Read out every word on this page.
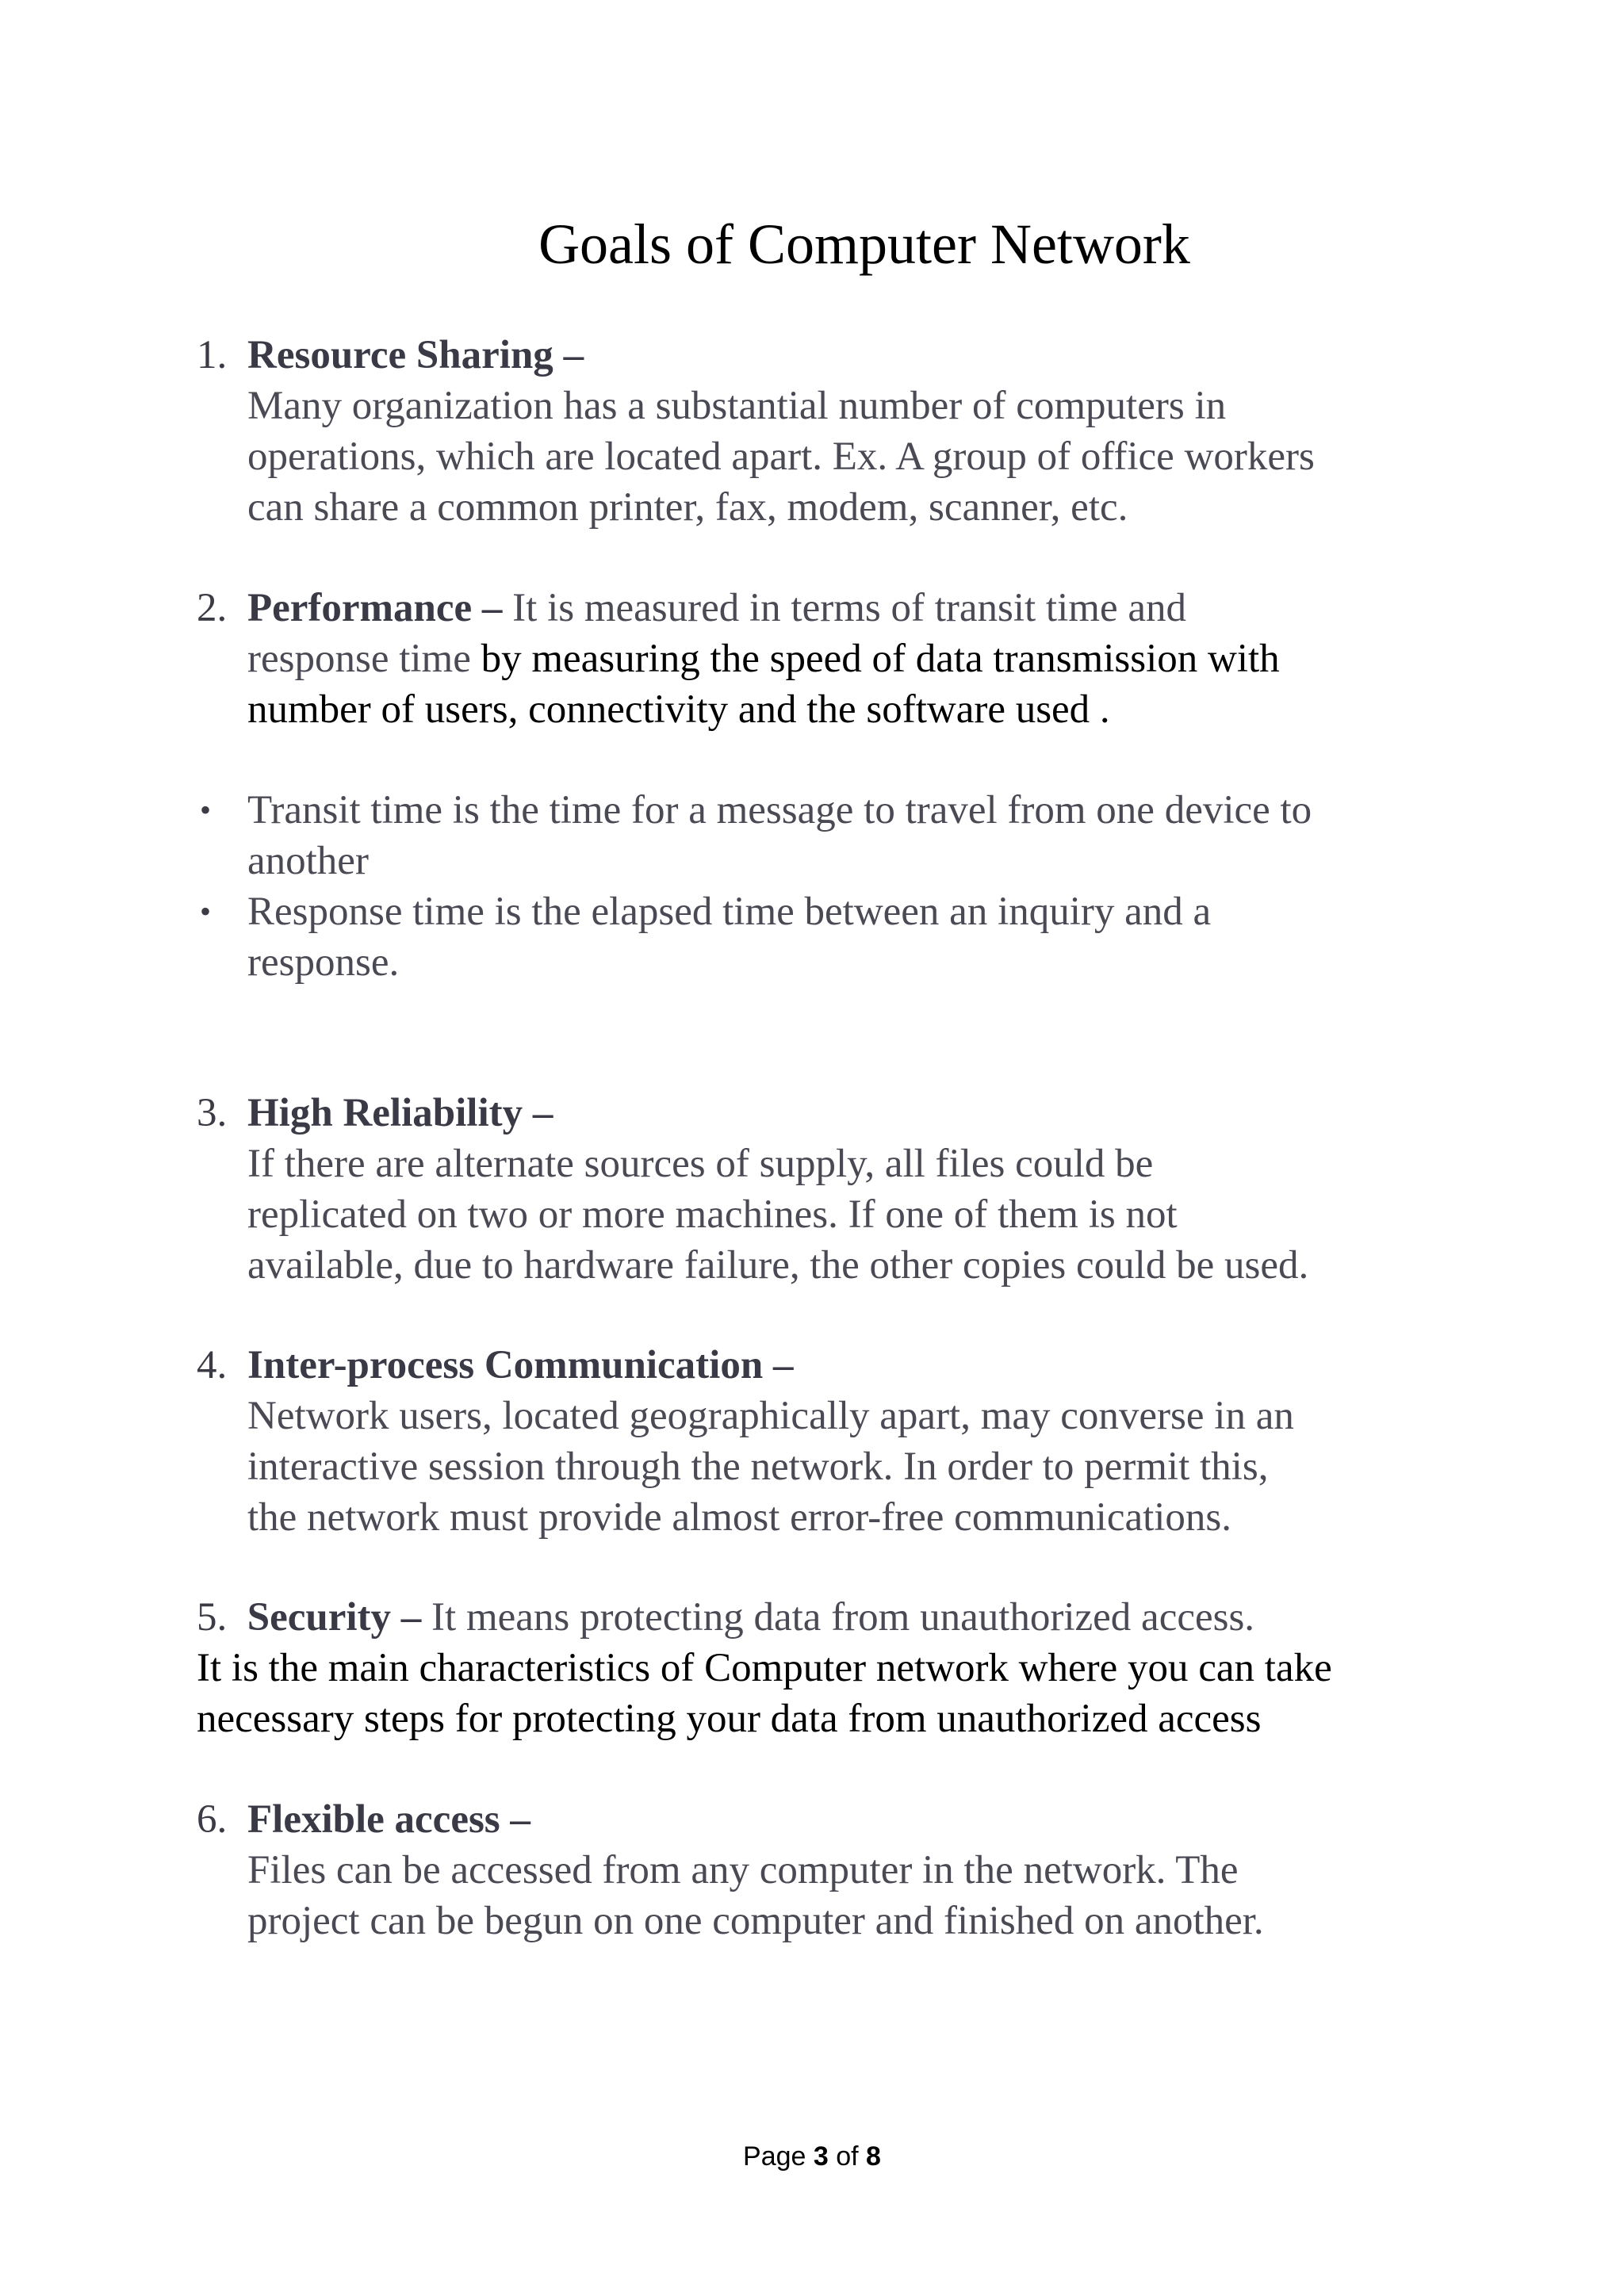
Goals of Computer Network
1. Resource Sharing –
Many organization has a substantial number of computers in
operations, which are located apart. Ex. A group of office workers
can share a common printer, fax, modem, scanner, etc.
2. Performance – It is measured in terms of transit time and
response time by measuring the speed of data transmission with
number of users, connectivity and the software used .
• Transit time is the time for a message to travel from one device to
another
• Response time is the elapsed time between an inquiry and a
response.
3. High Reliability –
If there are alternate sources of supply, all files could be
replicated on two or more machines. If one of them is not
available, due to hardware failure, the other copies could be used.
4. Inter-process Communication –
Network users, located geographically apart, may converse in an
interactive session through the network. In order to permit this,
the network must provide almost error-free communications.
5. Security – It means protecting data from unauthorized access.
It is the main characteristics of Computer network where you can take
necessary steps for protecting your data from unauthorized access
6. Flexible access –
Files can be accessed from any computer in the network. The
project can be begun on one computer and finished on another.
Page 3 of 8
